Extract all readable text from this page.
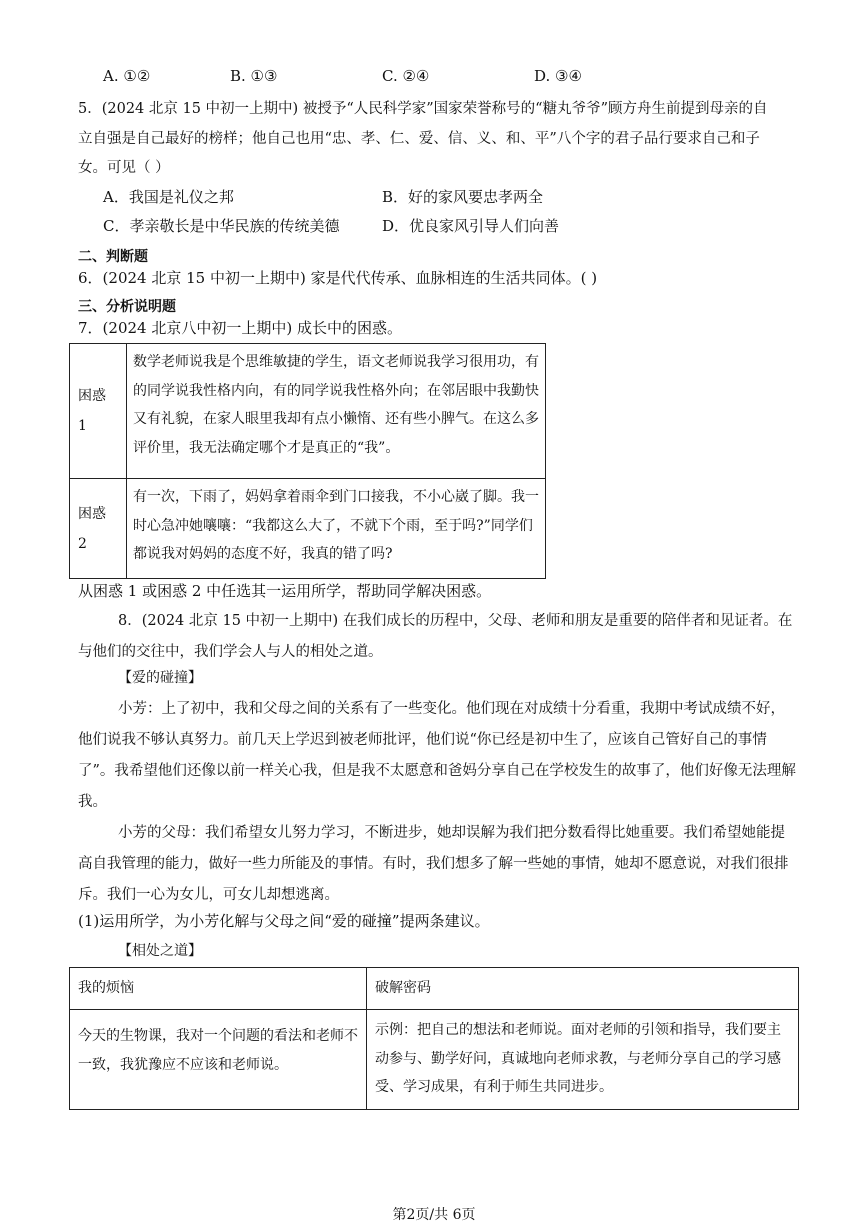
A. ①②	B. ①③	C. ②④	D. ③④
5．(2024 北京 15 中初一上期中) 被授予“人民科学家”国家荣誉称号的“糖丸爷爷”顾方舟生前提到母亲的自
立自强是自己最好的榜样；他自己也用“忠、孝、仁、爱、信、义、和、平”八个字的君子品行要求自己和子
女。可见（ ）
A．我国是礼仪之邦	B．好的家风要忠孝两全
C．孝亲敬长是中华民族的传统美德	D．优良家风引导人们向善
二、判断题
6．(2024 北京 15 中初一上期中) 家是代代传承、血脉相连的生活共同体。( )
三、分析说明题
7．(2024 北京八中初一上期中) 成长中的困惑。
困惑
1	数学老师说我是个思维敏捷的学生，语文老师说我学习很用功，有的同学说我性格内向，有的同学说我性格外向；在邻居眼中我勤快又有礼貌，在家人眼里我却有点小懒惰、还有些小脾气。在这么多评价里，我无法确定哪个才是真正的“我”。

困惑
2	有一次，下雨了，妈妈拿着雨伞到门口接我，不小心崴了脚。我一时心急冲她嚷嚷：“我都这么大了，不就下个雨，至于吗?”同学们都说我对妈妈的态度不好，我真的错了吗?
从困惑 1 或困惑 2 中任选其一运用所学，帮助同学解决困惑。
8．(2024 北京 15 中初一上期中) 在我们成长的历程中，父母、老师和朋友是重要的陪伴者和见证者。在与他们的交往中，我们学会人与人的相处之道。
【爱的碰撞】
小芳：上了初中，我和父母之间的关系有了一些变化。他们现在对成绩十分看重，我期中考试成绩不好，他们说我不够认真努力。前几天上学迟到被老师批评，他们说“你已经是初中生了，应该自己管好自己的事情了”。我希望他们还像以前一样关心我，但是我不太愿意和爸妈分享自己在学校发生的故事了，他们好像无法理解我。
小芳的父母：我们希望女儿努力学习，不断进步，她却误解为我们把分数看得比她重要。我们希望她能提高自我管理的能力，做好一些力所能及的事情。有时，我们想多了解一些她的事情，她却不愿意说，对我们很排斥。我们一心为女儿，可女儿却想逃离。
(1)运用所学，为小芳化解与父母之间“爱的碰撞”提两条建议。
【相处之道】
我的烦恼	破解密码
今天的生物课，我对一个问题的看法和老师不一致，我犹豫应不应该和老师说。	示例：把自己的想法和老师说。面对老师的引领和指导，我们要主动参与、勤学好问，真诚地向老师求教，与老师分享自己的学习感受、学习成果，有利于师生共同进步。
第2页/共 6页
